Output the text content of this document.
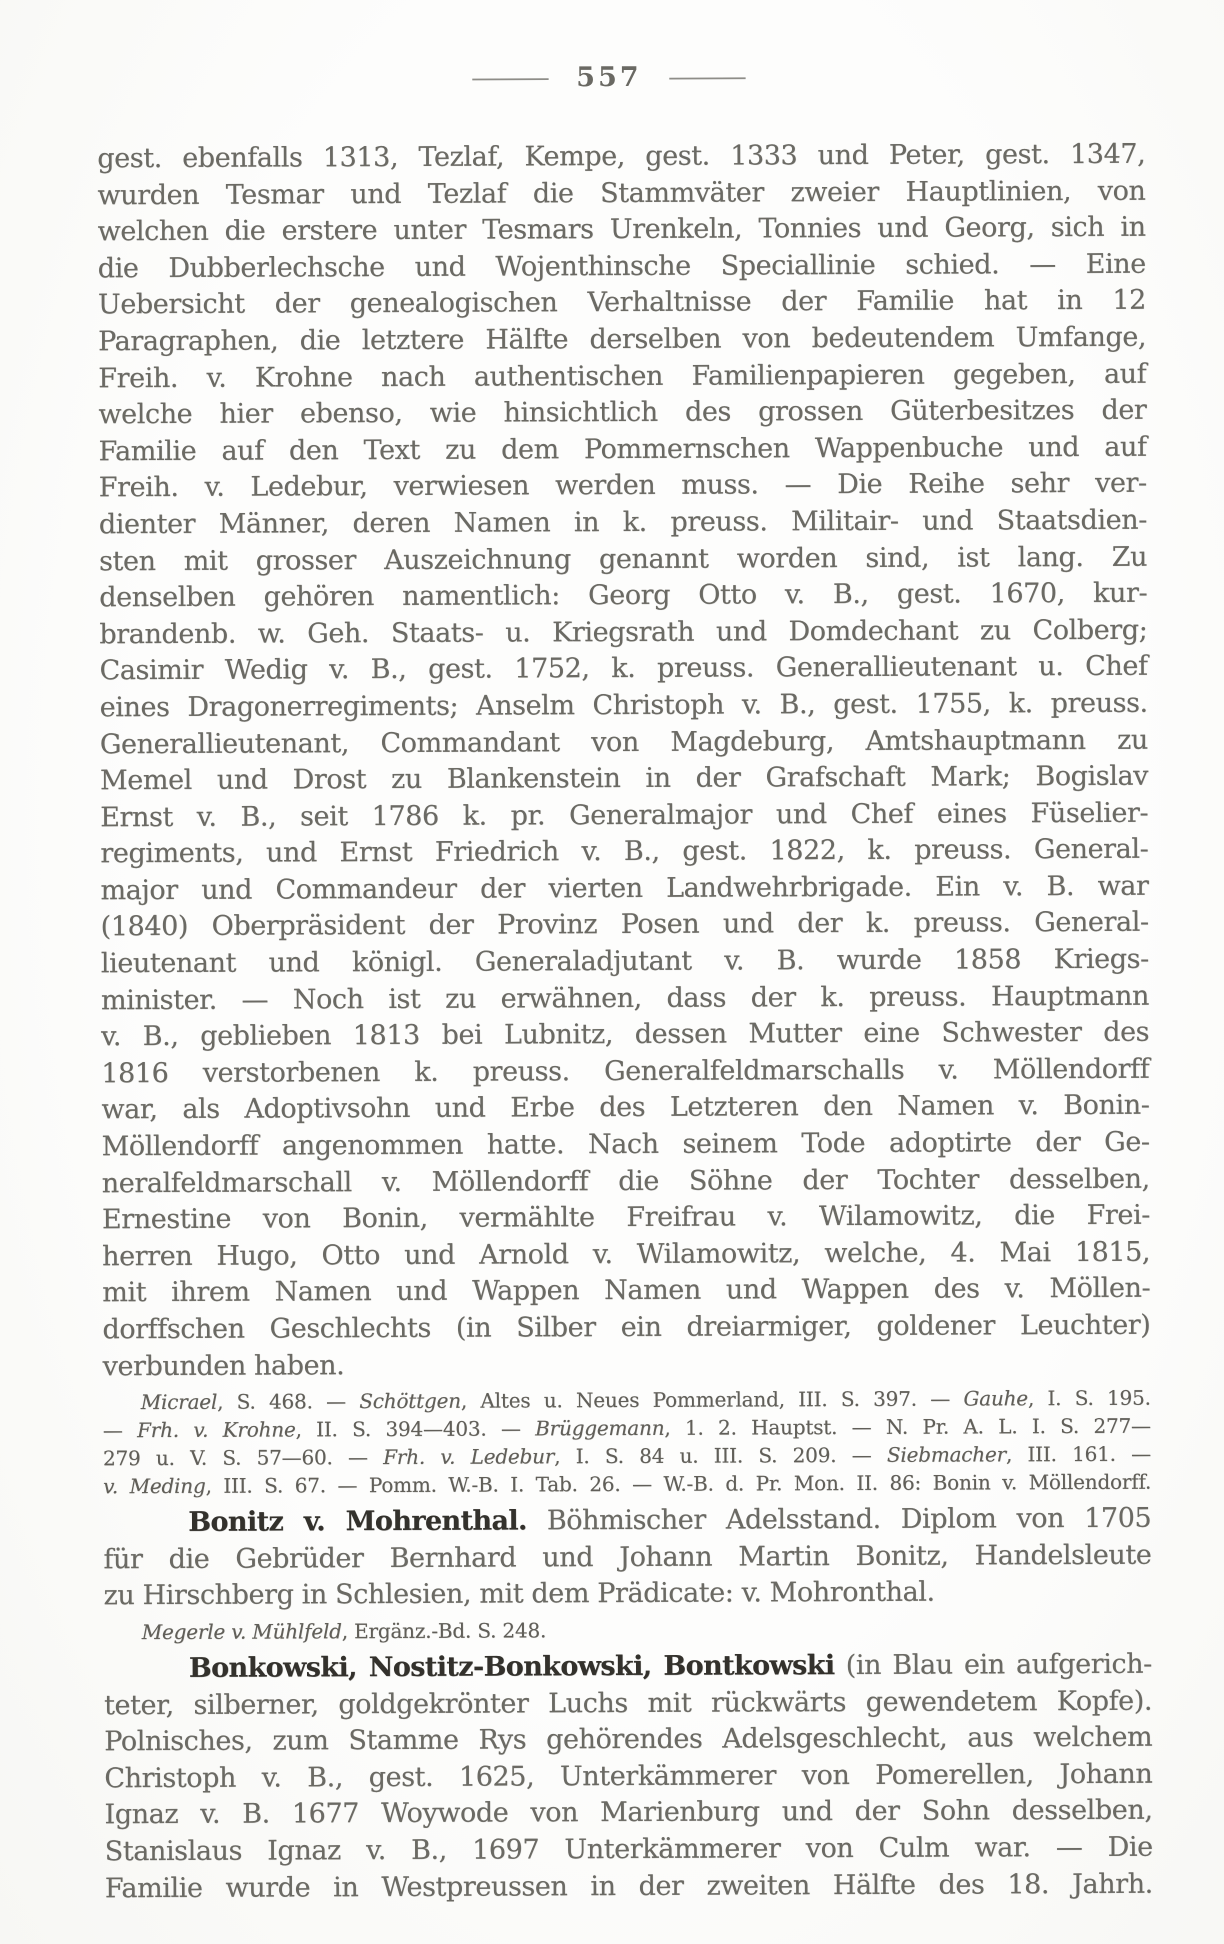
— 557 —
gest. ebenfalls 1313, Tezlaf, Kempe, gest. 1333 und Peter, gest. 1347,
wurden Tesmar und Tezlaf die Stammväter zweier Hauptlinien, von
welchen die erstere unter Tesmars Urenkeln, Tonnies und Georg, sich in
die Dubberlechsche und Wojenthinsche Speciallinie schied. — Eine
Uebersicht der genealogischen Verhaltnisse der Familie hat in 12
Paragraphen, die letztere Hälfte derselben von bedeutendem Umfange,
Freih. v. Krohne nach authentischen Familienpapieren gegeben, auf
welche hier ebenso, wie hinsichtlich des grossen Güterbesitzes der
Familie auf den Text zu dem Pommernschen Wappenbuche und auf
Freih. v. Ledebur, verwiesen werden muss. — Die Reihe sehr ver-
dienter Männer, deren Namen in k. preuss. Militair- und Staatsdien-
sten mit grosser Auszeichnung genannt worden sind, ist lang. Zu
denselben gehören namentlich: Georg Otto v. B., gest. 1670, kur-
brandenb. w. Geh. Staats- u. Kriegsrath und Domdechant zu Colberg;
Casimir Wedig v. B., gest. 1752, k. preuss. Generallieutenant u. Chef
eines Dragonerregiments; Anselm Christoph v. B., gest. 1755, k. preuss.
Generallieutenant, Commandant von Magdeburg, Amtshauptmann zu
Memel und Drost zu Blankenstein in der Grafschaft Mark; Bogislav
Ernst v. B., seit 1786 k. pr. Generalmajor und Chef eines Füselier-
regiments, und Ernst Friedrich v. B., gest. 1822, k. preuss. General-
major und Commandeur der vierten Landwehrbrigade. Ein v. B. war
(1840) Oberpräsident der Provinz Posen und der k. preuss. General-
lieutenant und königl. Generaladjutant v. B. wurde 1858 Kriegs-
minister. — Noch ist zu erwähnen, dass der k. preuss. Hauptmann
v. B., geblieben 1813 bei Lubnitz, dessen Mutter eine Schwester des
1816 verstorbenen k. preuss. Generalfeldmarschalls v. Möllendorff
war, als Adoptivsohn und Erbe des Letzteren den Namen v. Bonin-
Möllendorff angenommen hatte. Nach seinem Tode adoptirte der Ge-
neralfeldmarschall v. Möllendorff die Söhne der Tochter desselben,
Ernestine von Bonin, vermählte Freifrau v. Wilamowitz, die Frei-
herren Hugo, Otto und Arnold v. Wilamowitz, welche, 4. Mai 1815,
mit ihrem Namen und Wappen Namen und Wappen des v. Möllen-
dorffschen Geschlechts (in Silber ein dreiarmiger, goldener Leuchter)
verbunden haben.
Micrael, S. 468. — Schöttgen, Altes u. Neues Pommerland, III. S. 397. — Gauhe, I. S. 195.
— Frh. v. Krohne, II. S. 394—403. — Brüggemann, 1. 2. Hauptst. — N. Pr. A. L. I. S. 277—
279 u. V. S. 57—60. — Frh. v. Ledebur, I. S. 84 u. III. S. 209. — Siebmacher, III. 161. —
v. Meding, III. S. 67. — Pomm. W.-B. I. Tab. 26. — W.-B. d. Pr. Mon. II. 86: Bonin v. Möllendorff.
Bonitz v. Mohrenthal. Böhmischer Adelsstand. Diplom von 1705
für die Gebrüder Bernhard und Johann Martin Bonitz, Handelsleute
zu Hirschberg in Schlesien, mit dem Prädicate: v. Mohronthal.
Megerle v. Mühlfeld, Ergänz.-Bd. S. 248.
Bonkowski, Nostitz-Bonkowski, Bontkowski (in Blau ein aufgerich-
teter, silberner, goldgekrönter Luchs mit rückwärts gewendetem Kopfe).
Polnisches, zum Stamme Rys gehörendes Adelsgeschlecht, aus welchem
Christoph v. B., gest. 1625, Unterkämmerer von Pomerellen, Johann
Ignaz v. B. 1677 Woywode von Marienburg und der Sohn desselben,
Stanislaus Ignaz v. B., 1697 Unterkämmerer von Culm war. — Die
Familie wurde in Westpreussen in der zweiten Hälfte des 18. Jahrh.
